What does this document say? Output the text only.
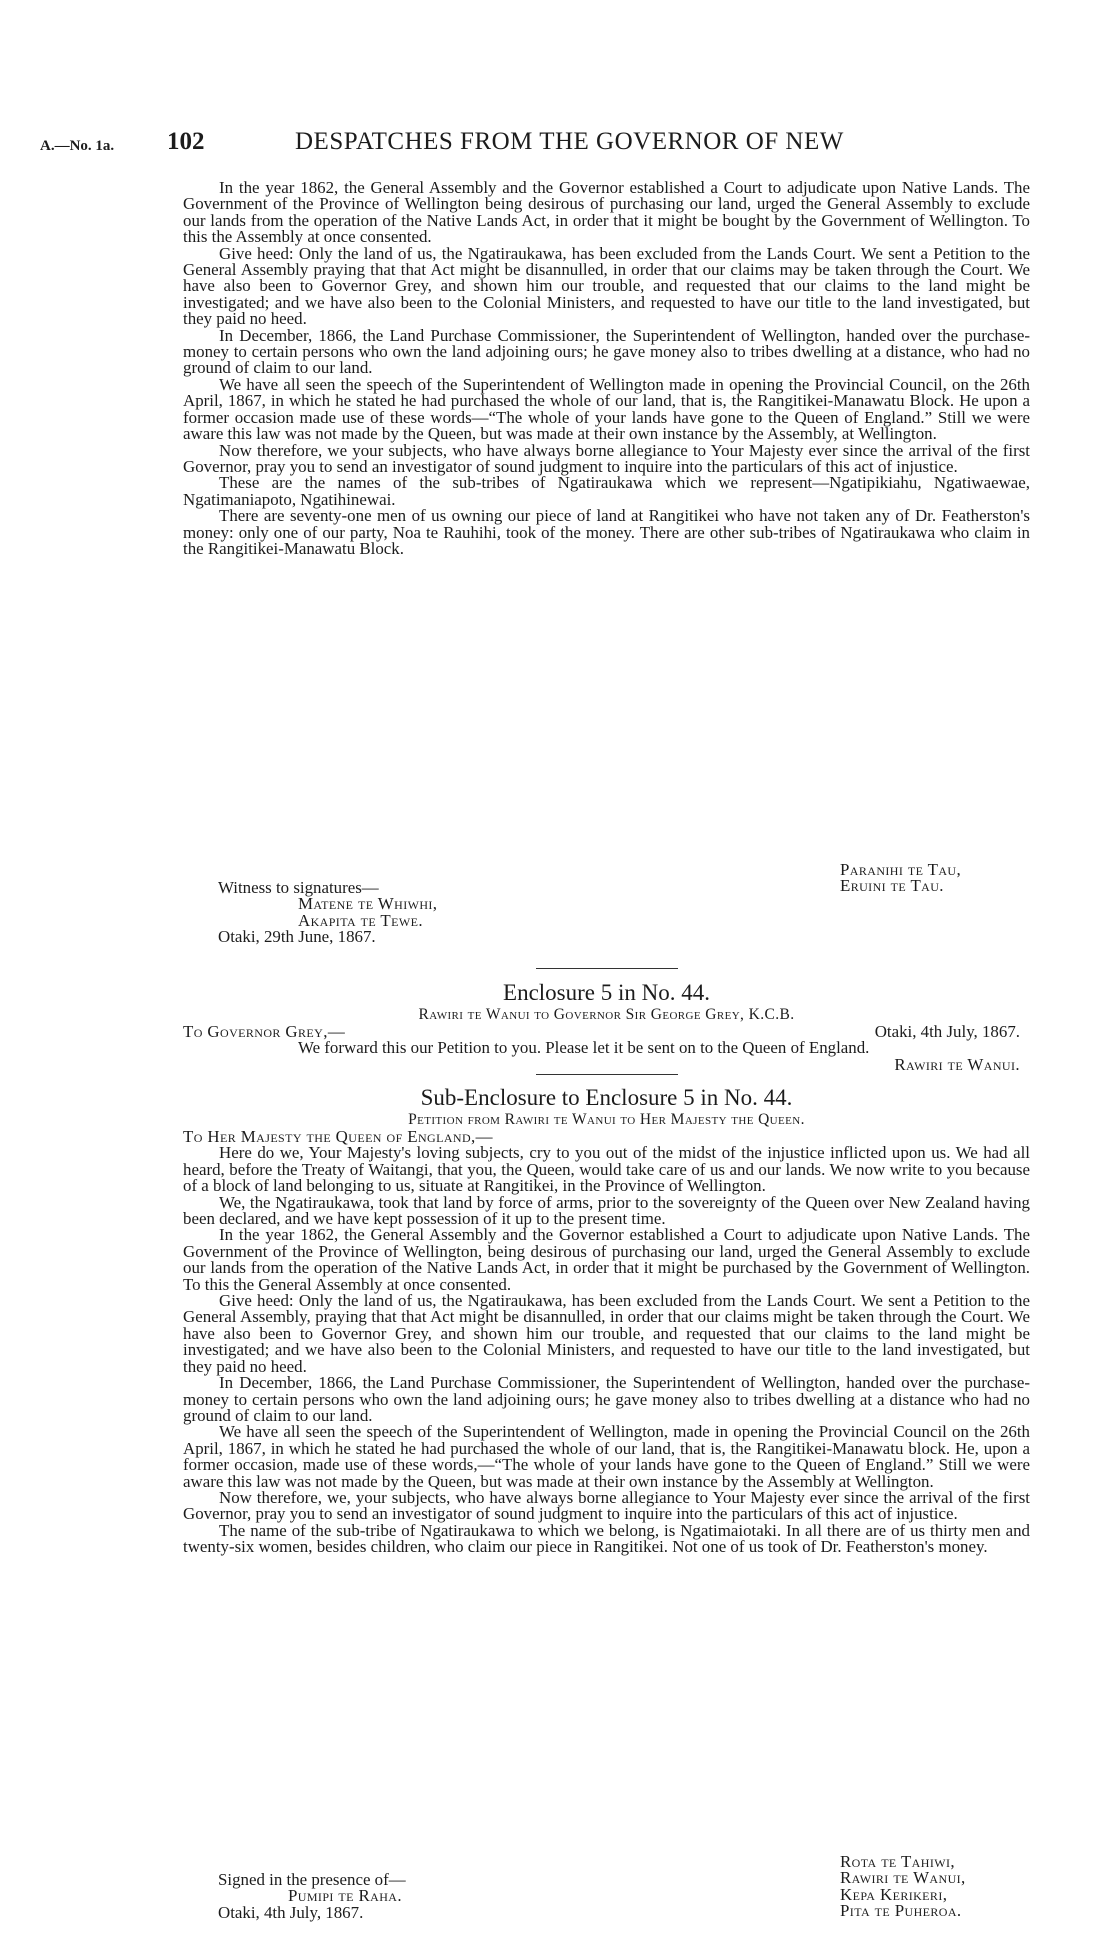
A.—No. 1a. 102	DESPATCHES FROM THE GOVERNOR OF NEW

In the year 1862, the General Assembly and the Governor established a Court to adjudicate upon Native Lands. The Government of the Province of Wellington being desirous of purchasing our land, urged the General Assembly to exclude our lands from the operation of the Native Lands Act, in order that it might be bought by the Government of Wellington. To this the Assembly at once consented.

Give heed: Only the land of us, the Ngatiraukawa, has been excluded from the Lands Court. We sent a Petition to the General Assembly praying that that Act might be disannulled, in order that our claims may be taken through the Court. We have also been to Governor Grey, and shown him our trouble, and requested that our claims to the land might be investigated; and we have also been to the Colonial Ministers, and requested to have our title to the land investigated, but they paid no heed.

In December, 1866, the Land Purchase Commissioner, the Superintendent of Wellington, handed over the purchase-money to certain persons who own the land adjoining ours; he gave money also to tribes dwelling at a distance, who had no ground of claim to our land.

We have all seen the speech of the Superintendent of Wellington made in opening the Provincial Council, on the 26th April, 1867, in which he stated he had purchased the whole of our land, that is, the Rangitikei-Manawatu Block. He upon a former occasion made use of these words—“The whole of your lands have gone to the Queen of England.” Still we were aware this law was not made by the Queen, but was made at their own instance by the Assembly, at Wellington.

Now therefore, we your subjects, who have always borne allegiance to Your Majesty ever since the arrival of the first Governor, pray you to send an investigator of sound judgment to inquire into the particulars of this act of injustice.

These are the names of the sub-tribes of Ngatiraukawa which we represent—Ngatipikiahu, Ngatiwaewae, Ngatimaniapoto, Ngatihinewai.

There are seventy-one men of us owning our piece of land at Rangitikei who have not taken any of Dr. Featherston's money: only one of our party, Noa te Rauhihi, took of the money. There are other sub-tribes of Ngatiraukawa who claim in the Rangitikei-Manawatu Block.

Paranihi te Tau,
Eruini te Tau.
Witness to signatures—
Matene te Whiwhi,
Akapita te Tewe.
Otaki, 29th June, 1867.
Enclosure 5 in No. 44.
Rawiri te Wanui to Governor Sir George Grey, K.C.B.
To Governor Grey,—	Otaki, 4th July, 1867.

We forward this our Petition to you. Please let it be sent on to the Queen of England.

Rawiri te Wanui.
Sub-Enclosure to Enclosure 5 in No. 44.
Petition from Rawiri te Wanui to Her Majesty the Queen.
To Her Majesty the Queen of England,—

Here do we, Your Majesty's loving subjects, cry to you out of the midst of the injustice inflicted upon us. We had all heard, before the Treaty of Waitangi, that you, the Queen, would take care of us and our lands. We now write to you because of a block of land belonging to us, situate at Rangitikei, in the Province of Wellington.

We, the Ngatiraukawa, took that land by force of arms, prior to the sovereignty of the Queen over New Zealand having been declared, and we have kept possession of it up to the present time.

In the year 1862, the General Assembly and the Governor established a Court to adjudicate upon Native Lands. The Government of the Province of Wellington, being desirous of purchasing our land, urged the General Assembly to exclude our lands from the operation of the Native Lands Act, in order that it might be purchased by the Government of Wellington. To this the General Assembly at once consented.

Give heed: Only the land of us, the Ngatiraukawa, has been excluded from the Lands Court. We sent a Petition to the General Assembly, praying that that Act might be disannulled, in order that our claims might be taken through the Court. We have also been to Governor Grey, and shown him our trouble, and requested that our claims to the land might be investigated; and we have also been to the Colonial Ministers, and requested to have our title to the land investigated, but they paid no heed.

In December, 1866, the Land Purchase Commissioner, the Superintendent of Wellington, handed over the purchase-money to certain persons who own the land adjoining ours; he gave money also to tribes dwelling at a distance who had no ground of claim to our land.

We have all seen the speech of the Superintendent of Wellington, made in opening the Provincial Council on the 26th April, 1867, in which he stated he had purchased the whole of our land, that is, the Rangitikei-Manawatu block. He, upon a former occasion, made use of these words,—“The whole of your lands have gone to the Queen of England.” Still we were aware this law was not made by the Queen, but was made at their own instance by the Assembly at Wellington.

Now therefore, we, your subjects, who have always borne allegiance to Your Majesty ever since the arrival of the first Governor, pray you to send an investigator of sound judgment to inquire into the particulars of this act of injustice.

The name of the sub-tribe of Ngatiraukawa to which we belong, is Ngatimaiotaki. In all there are of us thirty men and twenty-six women, besides children, who claim our piece in Rangitikei. Not one of us took of Dr. Featherston's money.

Rota te Tahiwi,
Rawiri te Wanui,
Kepa Kerikeri,
Pita te Puheroa.
Signed in the presence of—
Pumipi te Raha.
Otaki, 4th July, 1867.
